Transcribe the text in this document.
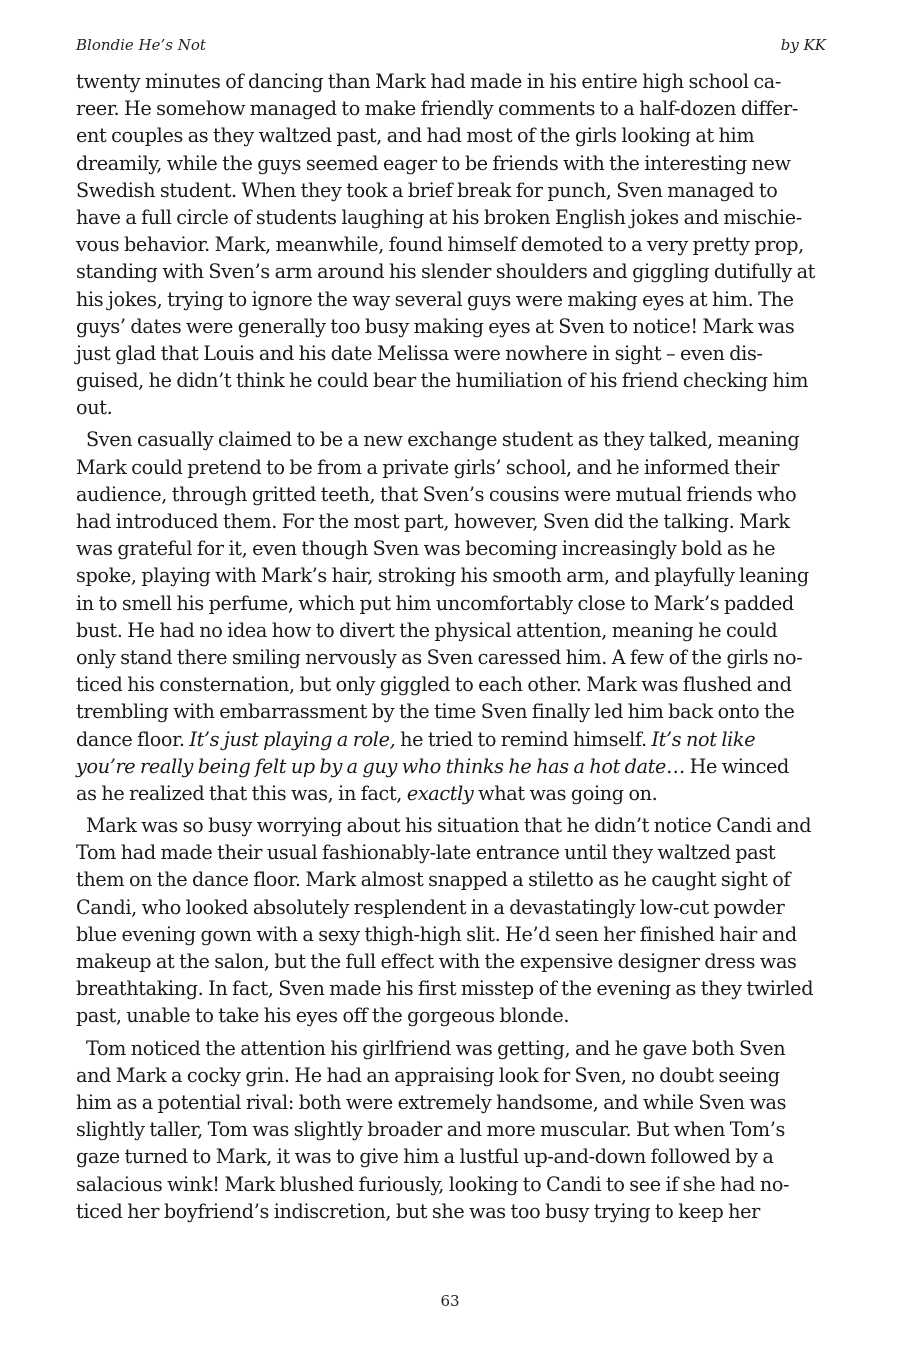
Blondie He’s Not	by KK
twenty minutes of dancing than Mark had made in his entire high school ca-
reer. He somehow managed to make friendly comments to a half-dozen differ-
ent couples as they waltzed past, and had most of the girls looking at him
dreamily, while the guys seemed eager to be friends with the interesting new
Swedish student. When they took a brief break for punch, Sven managed to
have a full circle of students laughing at his broken English jokes and mischie-
vous behavior. Mark, meanwhile, found himself demoted to a very pretty prop,
standing with Sven’s arm around his slender shoulders and giggling dutifully at
his jokes, trying to ignore the way several guys were making eyes at him. The
guys’ dates were generally too busy making eyes at Sven to notice! Mark was
just glad that Louis and his date Melissa were nowhere in sight – even dis-
guised, he didn’t think he could bear the humiliation of his friend checking him
out.
Sven casually claimed to be a new exchange student as they talked, meaning
Mark could pretend to be from a private girls’ school, and he informed their
audience, through gritted teeth, that Sven’s cousins were mutual friends who
had introduced them. For the most part, however, Sven did the talking. Mark
was grateful for it, even though Sven was becoming increasingly bold as he
spoke, playing with Mark’s hair, stroking his smooth arm, and playfully leaning
in to smell his perfume, which put him uncomfortably close to Mark’s padded
bust. He had no idea how to divert the physical attention, meaning he could
only stand there smiling nervously as Sven caressed him. A few of the girls no-
ticed his consternation, but only giggled to each other. Mark was flushed and
trembling with embarrassment by the time Sven finally led him back onto the
dance floor. It’s just playing a role, he tried to remind himself. It’s not like
you’re really being felt up by a guy who thinks he has a hot date… He winced
as he realized that this was, in fact, exactly what was going on.
Mark was so busy worrying about his situation that he didn’t notice Candi and
Tom had made their usual fashionably-late entrance until they waltzed past
them on the dance floor. Mark almost snapped a stiletto as he caught sight of
Candi, who looked absolutely resplendent in a devastatingly low-cut powder
blue evening gown with a sexy thigh-high slit. He’d seen her finished hair and
makeup at the salon, but the full effect with the expensive designer dress was
breathtaking. In fact, Sven made his first misstep of the evening as they twirled
past, unable to take his eyes off the gorgeous blonde.
Tom noticed the attention his girlfriend was getting, and he gave both Sven
and Mark a cocky grin. He had an appraising look for Sven, no doubt seeing
him as a potential rival: both were extremely handsome, and while Sven was
slightly taller, Tom was slightly broader and more muscular. But when Tom’s
gaze turned to Mark, it was to give him a lustful up-and-down followed by a
salacious wink! Mark blushed furiously, looking to Candi to see if she had no-
ticed her boyfriend’s indiscretion, but she was too busy trying to keep her
63
